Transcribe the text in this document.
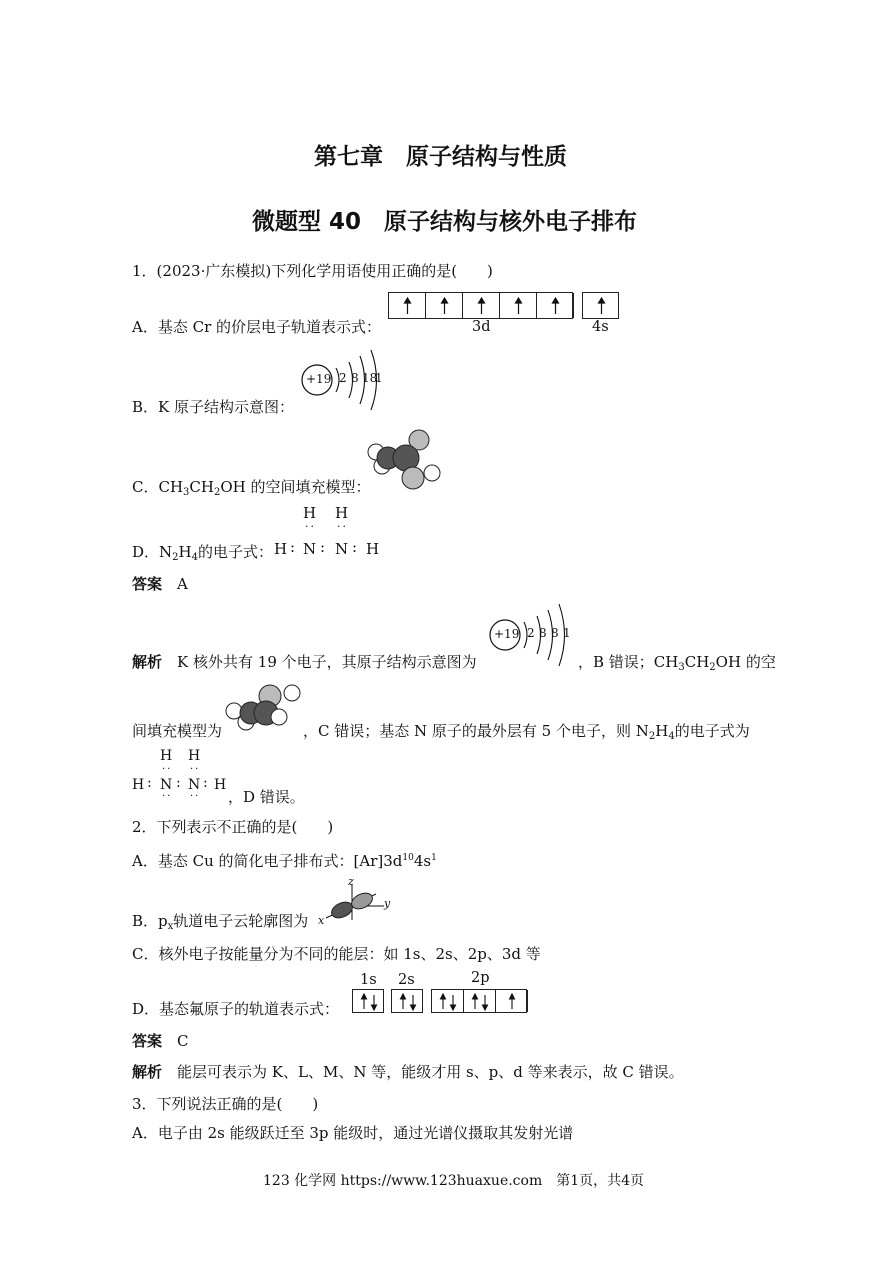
第七章　原子结构与性质
微题型 40　原子结构与核外电子排布
1．(2023·广东模拟)下列化学用语使用正确的是(　　)
A．基态 Cr 的价层电子轨道表示式：	3d	4s
B．K 原子结构示意图：
+19 2 8 18
1
C．$CH_3CH_2OH$ 的空间填充模型：
D．$N_2H_4$的电子式：
H H
·· ··
H : N : N : H
答案　 A
解析　 K 核外共有 19 个电子，其原子结构示意图为
+19 2 8 8 1
，B 错误；$CH_3CH_2OH$ 的空
间填充模型为	，C 错误；基态 N 原子的最外层有 5 个电子，则 $N_2H_4$的电子式为
H H
·· ··
H : N : N : H
·· ·· ，D 错误。
2．下列表示不正确的是(　　)
A．基态 Cu 的简化电子排布式：$[Ar]3d^{10}4s^1$
B．$p_x$轨道电子云轮廓图为
z
y
x
C．核外电子按能量分为不同的能层：如 1s、2s、2p、3d 等
D．基态氟原子的轨道表示式：
1s 2s	2p
答案　 C
解析　 能层可表示为 K、L、M、N 等，能级才用 s、p、d 等来表示，故 C 错误。
3．下列说法正确的是(　　)
A．电子由 2s 能级跃迁至 3p 能级时，通过光谱仪摄取其发射光谱
123 化学网 https://www.123huaxue.com　第1页，共4页
